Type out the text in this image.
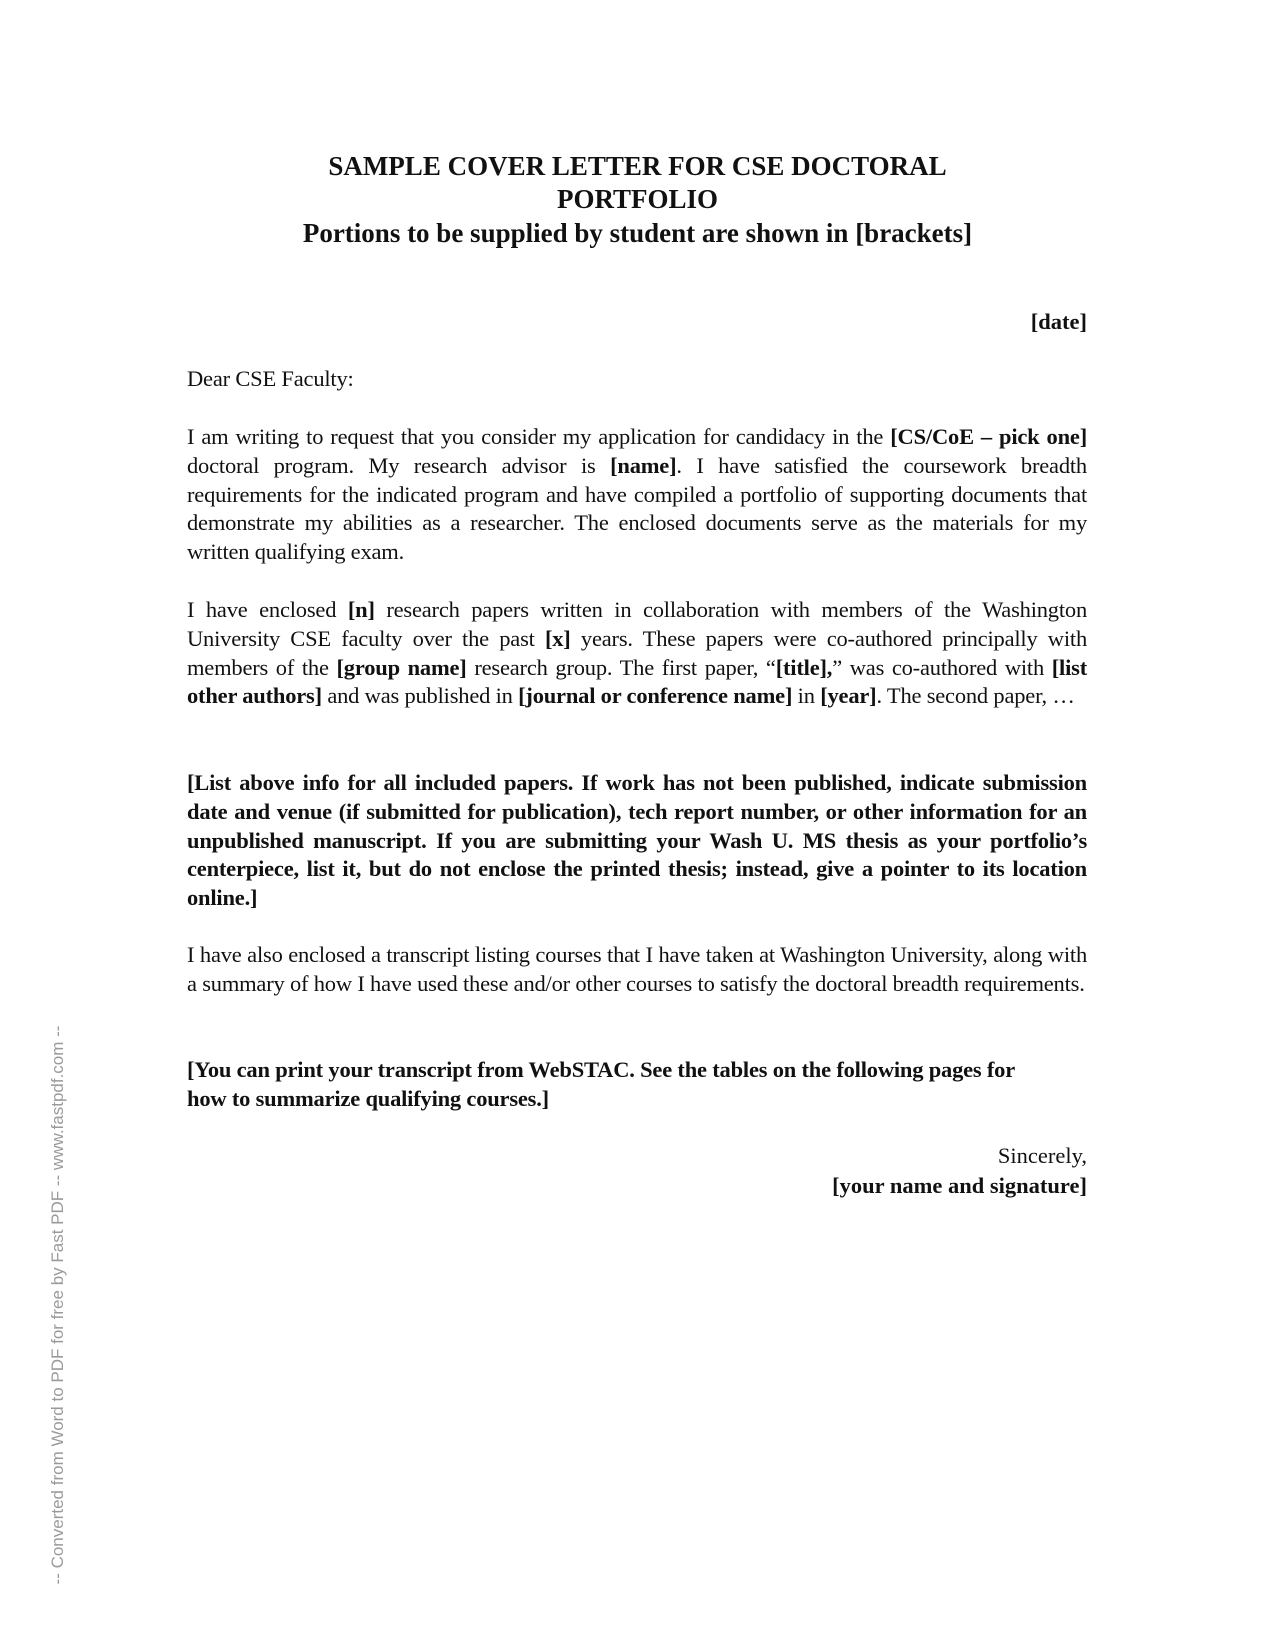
SAMPLE COVER LETTER FOR CSE DOCTORAL
PORTFOLIO
Portions to be supplied by student are shown in [brackets]
[date]
Dear CSE Faculty:
I am writing to request that you consider my application for candidacy in the [CS/CoE – pick one] doctoral program. My research advisor is [name]. I have satisfied the coursework breadth requirements for the indicated program and have compiled a portfolio of supporting documents that demonstrate my abilities as a researcher. The enclosed documents serve as the materials for my written qualifying exam.
I have enclosed [n] research papers written in collaboration with members of the Washington University CSE faculty over the past [x] years. These papers were co-authored principally with members of the [group name] research group. The first paper, “[title],” was co-authored with [list other authors] and was published in [journal or conference name] in [year]. The second paper, …
[List above info for all included papers. If work has not been published, indicate submission date and venue (if submitted for publication), tech report number, or other information for an unpublished manuscript. If you are submitting your Wash U. MS thesis as your portfolio’s centerpiece, list it, but do not enclose the printed thesis; instead, give a pointer to its location online.]
I have also enclosed a transcript listing courses that I have taken at Washington University, along with a summary of how I have used these and/or other courses to satisfy the doctoral breadth requirements.
[You can print your transcript from WebSTAC. See the tables on the following pages for how to summarize qualifying courses.]
Sincerely,
[your name and signature]
-- Converted from Word to PDF for free by Fast PDF -- www.fastpdf.com --
